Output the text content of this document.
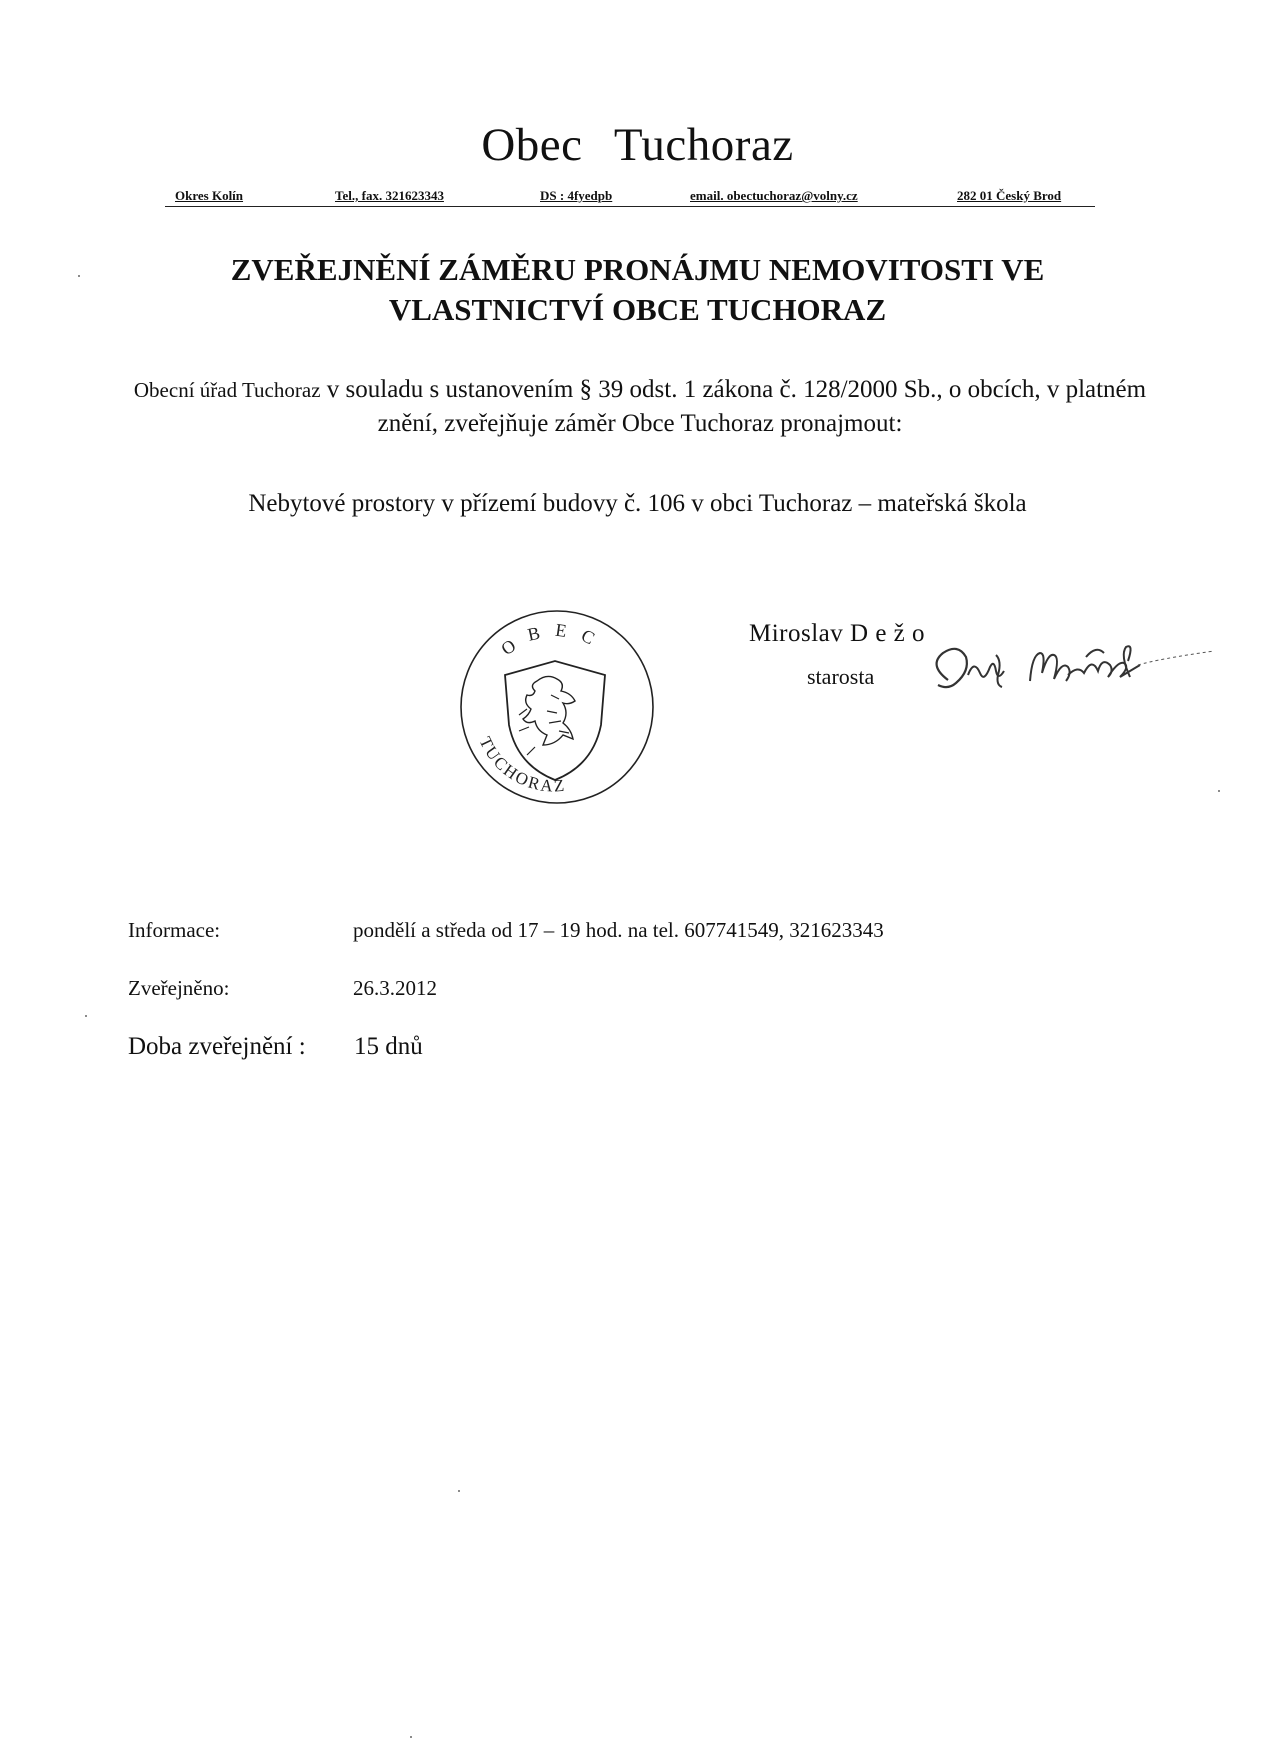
Obec Tuchoraz
Okres Kolín	Tel., fax. 321623343	DS : 4fyedpb	email. obectuchoraz@volny.cz	282 01 Český Brod
ZVEŘEJNĚNÍ ZÁMĚRU PRONÁJMU NEMOVITOSTI VE
VLASTNICTVÍ OBCE TUCHORAZ
Obecní úřad Tuchoraz v souladu s ustanovením § 39 odst. 1 zákona č. 128/2000 Sb., o obcích, v platném znění, zveřejňuje záměr Obce Tuchoraz pronajmout:
Nebytové prostory v přízemí budovy č. 106 v obci Tuchoraz – mateřská škola
OBEC
TUCHORAZ
Miroslav D e ž o
starosta
Informace:	pondělí a středa od 17 – 19 hod. na tel. 607741549, 321623343
Zveřejněno:	26.3.2012
Doba zveřejnění : 15 dnů
